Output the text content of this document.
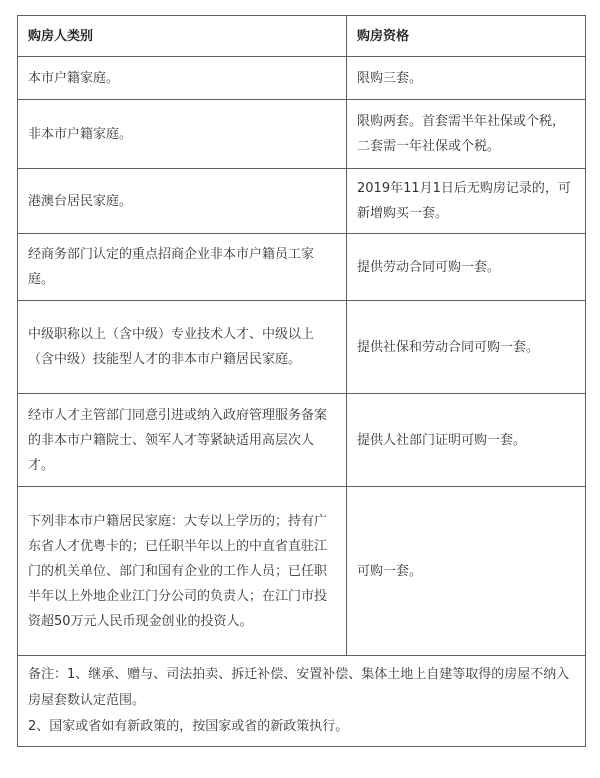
购房人类别	购房资格
本市户籍家庭。	限购三套。
非本市户籍家庭。	限购两套。首套需半年社保或个税，二套需一年社保或个税。
港澳台居民家庭。	2019年11月1日后无购房记录的，可新增购买一套。
经商务部门认定的重点招商企业非本市户籍员工家庭。	提供劳动合同可购一套。
中级职称以上（含中级）专业技术人才、中级以上（含中级）技能型人才的非本市户籍居民家庭。	提供社保和劳动合同可购一套。
经市人才主管部门同意引进或纳入政府管理服务备案的非本市户籍院士、领军人才等紧缺适用高层次人才。	提供人社部门证明可购一套。
下列非本市户籍居民家庭：大专以上学历的；持有广东省人才优粤卡的；已任职半年以上的中直省直驻江门的机关单位、部门和国有企业的工作人员；已任职半年以上外地企业江门分公司的负责人；在江门市投资超50万元人民币现金创业的投资人。	可购一套。

备注：1、继承、赠与、司法拍卖、拆迁补偿、安置补偿、集体土地上自建等取得的房屋不纳入房屋套数认定范围。
2、国家或省如有新政策的，按国家或省的新政策执行。	
